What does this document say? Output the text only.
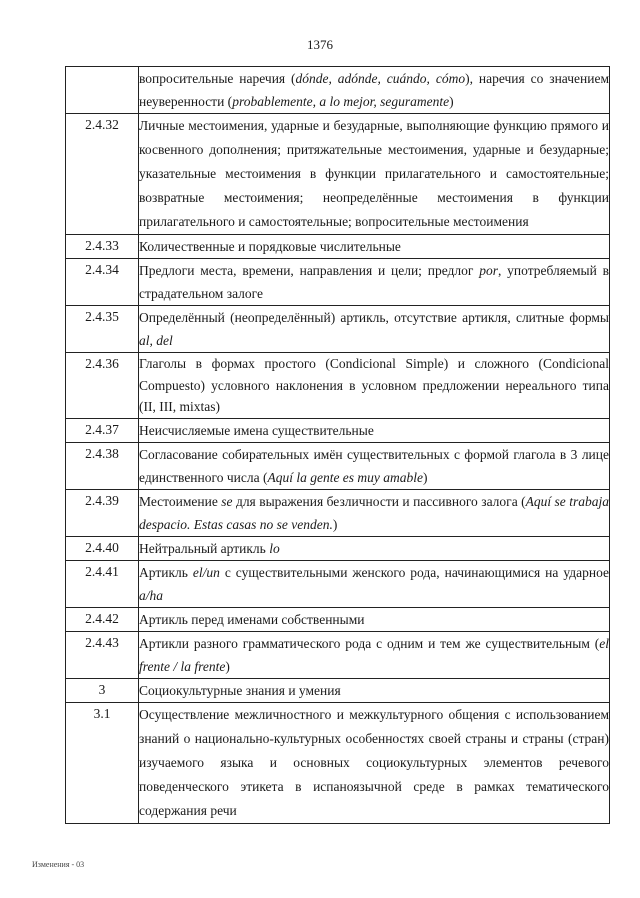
1376
	вопросительные наречия (dónde, adónde, cuándo, cómo), наречия со значением неуверенности (probablemente, a lo mejor, seguramente)
2.4.32	Личные местоимения, ударные и безударные, выполняющие функцию прямого и косвенного дополнения; притяжательные местоимения, ударные и безударные; указательные местоимения в функции прилагательного и самостоятельные; возвратные местоимения; неопределённые местоимения в функции прилагательного и самостоятельные; вопросительные местоимения
2.4.33	Количественные и порядковые числительные
2.4.34	Предлоги места, времени, направления и цели; предлог por, употребляемый в страдательном залоге
2.4.35	Определённый (неопределённый) артикль, отсутствие артикля, слитные формы al, del
2.4.36	Глаголы в формах простого (Condicional Simple) и сложного (Condicional Compuesto) условного наклонения в условном предложении нереального типа (II, III, mixtas)
2.4.37	Неисчисляемые имена существительные
2.4.38	Согласование собирательных имён существительных с формой глагола в 3 лице единственного числа (Aquí la gente es muy amable)
2.4.39	Местоимение se для выражения безличности и пассивного залога (Aquí se trabaja despacio. Estas casas no se venden.)
2.4.40	Нейтральный артикль lo
2.4.41	Артикль el/un с существительными женского рода, начинающимися на ударное a/ha
2.4.42	Артикль перед именами собственными
2.4.43	Артикли разного грамматического рода с одним и тем же существительным (el frente / la frente)
3	Социокультурные знания и умения
3.1	Осуществление межличностного и межкультурного общения с использованием знаний о национально-культурных особенностях своей страны и страны (стран) изучаемого языка и основных социокультурных элементов речевого поведенческого этикета в испаноязычной среде в рамках тематического содержания речи
Изменения - 03
